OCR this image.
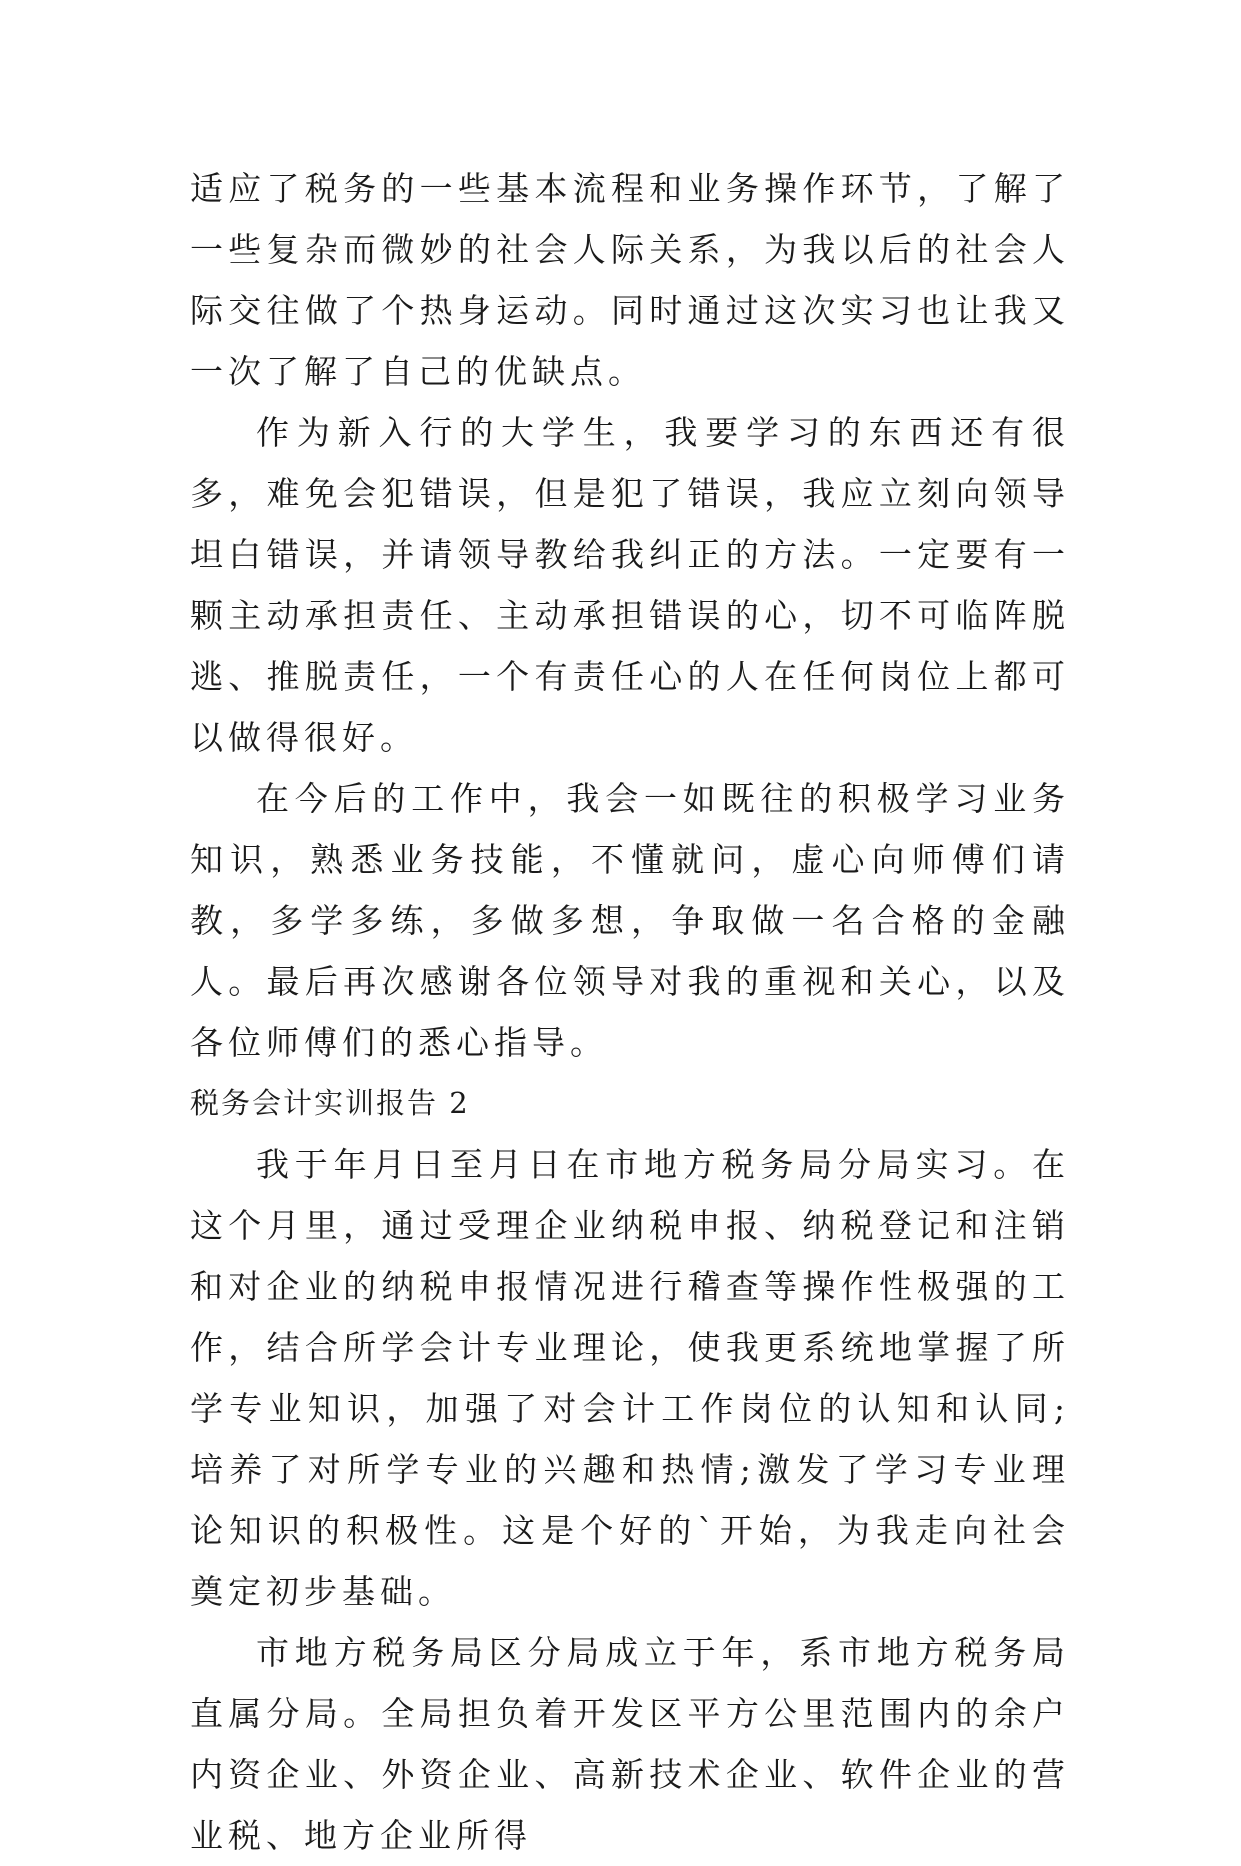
适应了税务的一些基本流程和业务操作环节，了解了一些复杂而微妙的社会人际关系，为我以后的社会人际交往做了个热身运动。同时通过这次实习也让我又一次了解了自己的优缺点。

作为新入行的大学生，我要学习的东西还有很多，难免会犯错误，但是犯了错误，我应立刻向领导坦白错误，并请领导教给我纠正的方法。一定要有一颗主动承担责任、主动承担错误的心，切不可临阵脱逃、推脱责任，一个有责任心的人在任何岗位上都可以做得很好。

在今后的工作中，我会一如既往的积极学习业务知识，熟悉业务技能，不懂就问，虚心向师傅们请教，多学多练，多做多想，争取做一名合格的金融人。最后再次感谢各位领导对我的重视和关心，以及各位师傅们的悉心指导。

税务会计实训报告 2

我于年月日至月日在市地方税务局分局实习。在这个月里，通过受理企业纳税申报、纳税登记和注销和对企业的纳税申报情况进行稽查等操作性极强的工作，结合所学会计专业理论，使我更系统地掌握了所学专业知识，加强了对会计工作岗位的认知和认同;培养了对所学专业的兴趣和热情;激发了学习专业理论知识的积极性。这是个好的`开始，为我走向社会奠定初步基础。

市地方税务局区分局成立于年，系市地方税务局直属分局。全局担负着开发区平方公里范围内的余户内资企业、外资企业、高新技术企业、软件企业的营业税、地方企业所得
